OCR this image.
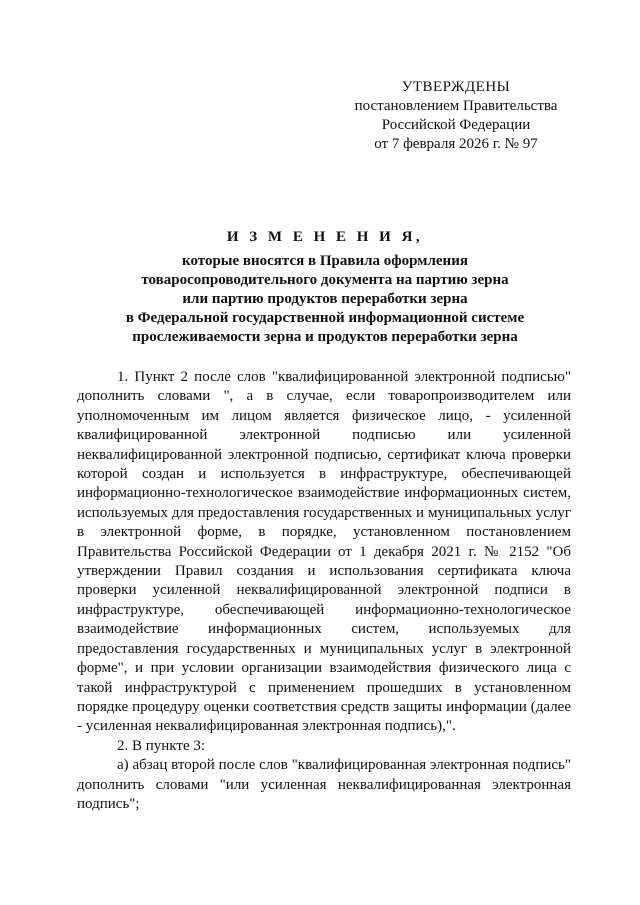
УТВЕРЖДЕНЫ
постановлением Правительства
Российской Федерации
от 7 февраля 2026 г. № 97
И З М Е Н Е Н И Я,
которые вносятся в Правила оформления
товаросопроводительного документа на партию зерна
или партию продуктов переработки зерна
в Федеральной государственной информационной системе
прослеживаемости зерна и продуктов переработки зерна

1. Пункт 2 после слов "квалифицированной электронной подписью" дополнить словами ", а в случае, если товаропроизводителем или уполномоченным им лицом является физическое лицо, - усиленной квалифицированной электронной подписью или усиленной неквалифицированной электронной подписью, сертификат ключа проверки которой создан и используется в инфраструктуре, обеспечивающей информационно-технологическое взаимодействие информационных систем, используемых для предоставления государственных и муниципальных услуг в электронной форме, в порядке, установленном постановлением Правительства Российской Федерации от 1 декабря 2021 г. № 2152 "Об утверждении Правил создания и использования сертификата ключа проверки усиленной неквалифицированной электронной подписи в инфраструктуре, обеспечивающей информационно-технологическое взаимодействие информационных систем, используемых для предоставления государственных и муниципальных услуг в электронной форме", и при условии организации взаимодействия физического лица с такой инфраструктурой с применением прошедших в установленном порядке процедуру оценки соответствия средств защиты информации (далее - усиленная неквалифицированная электронная подпись),".

2. В пункте 3:

а) абзац второй после слов "квалифицированная электронная подпись" дополнить словами "или усиленная неквалифицированная электронная подпись";
